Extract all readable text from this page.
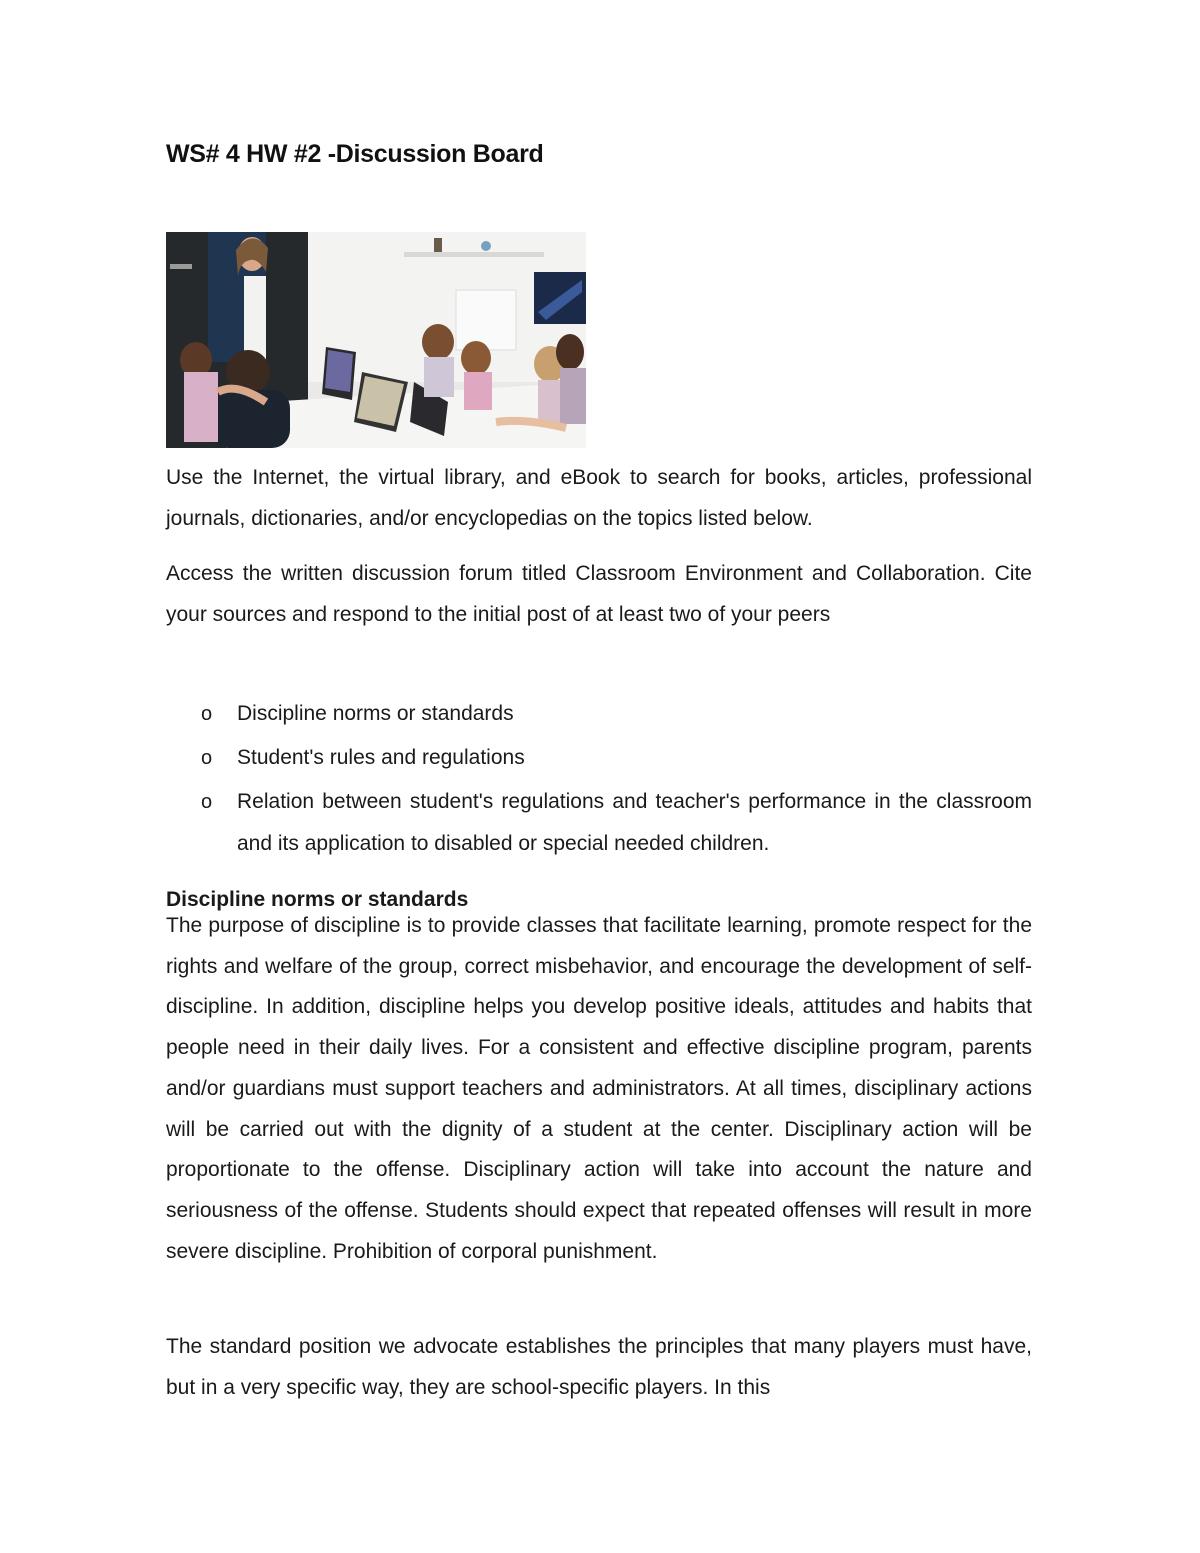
WS# 4 HW #2 -Discussion Board

Use the Internet, the virtual library, and eBook to search for books, articles, professional journals, dictionaries, and/or encyclopedias on the topics listed below.

Access the written discussion forum titled Classroom Environment and Collaboration. Cite your sources and respond to the initial post of at least two of your peers

o Discipline norms or standards
o Student's rules and regulations
o Relation between student's regulations and teacher's performance in the classroom and its application to disabled or special needed children.
Discipline norms or standards

The purpose of discipline is to provide classes that facilitate learning, promote respect for the rights and welfare of the group, correct misbehavior, and encourage the development of self-discipline. In addition, discipline helps you develop positive ideals, attitudes and habits that people need in their daily lives. For a consistent and effective discipline program, parents and/or guardians must support teachers and administrators. At all times, disciplinary actions will be carried out with the dignity of a student at the center. Disciplinary action will be proportionate to the offense. Disciplinary action will take into account the nature and seriousness of the offense. Students should expect that repeated offenses will result in more severe discipline. Prohibition of corporal punishment.

The standard position we advocate establishes the principles that many players must have, but in a very specific way, they are school-specific players. In this
